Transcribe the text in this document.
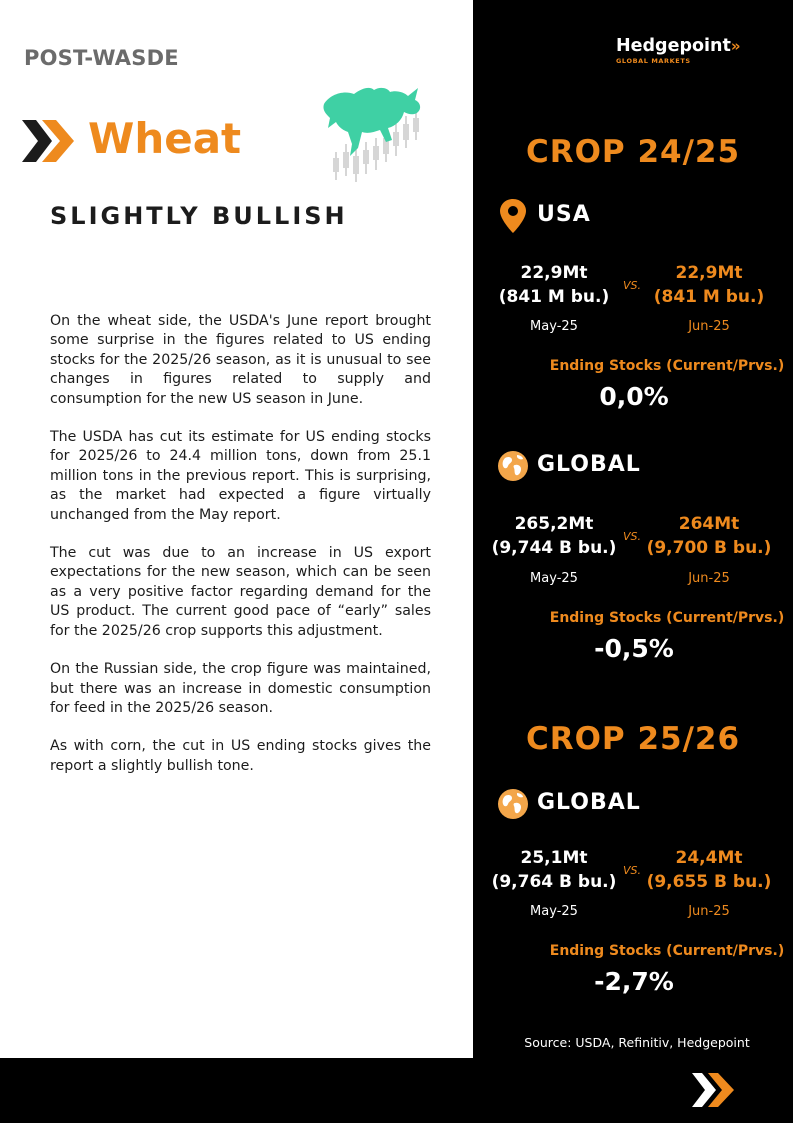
POST-WASDE
Wheat
SLIGHTLY BULLISH

On the wheat side, the USDA's June report brought some surprise in the figures related to US ending stocks for the 2025/26 season, as it is unusual to see changes in figures related to supply and consumption for the new US season in June.

The USDA has cut its estimate for US ending stocks for 2025/26 to 24.4 million tons, down from 25.1 million tons in the previous report. This is surprising, as the market had expected a figure virtually unchanged from the May report.

The cut was due to an increase in US export expectations for the new season, which can be seen as a very positive factor regarding demand for the US product. The current good pace of “early” sales for the 2025/26 crop supports this adjustment.

On the Russian side, the crop figure was maintained, but there was an increase in domestic consumption for feed in the 2025/26 season.

As with corn, the cut in US ending stocks gives the report a slightly bullish tone.

Hedgepoint»
GLOBAL MARKETS
CROP 24/25
USA
22,9Mt
(841 M bu.)
VS.
22,9Mt
(841 M bu.)
May-25	Jun-25
Ending Stocks (Current/Prvs.)
0,0%
GLOBAL
265,2Mt
(9,744 B bu.)
VS.
264Mt
(9,700 B bu.)
May-25	Jun-25
Ending Stocks (Current/Prvs.)
-0,5%
CROP 25/26
GLOBAL
25,1Mt
(9,764 B bu.)
VS.
24,4Mt
(9,655 B bu.)
May-25	Jun-25
Ending Stocks (Current/Prvs.)
-2,7%
Source: USDA, Refinitiv, Hedgepoint
